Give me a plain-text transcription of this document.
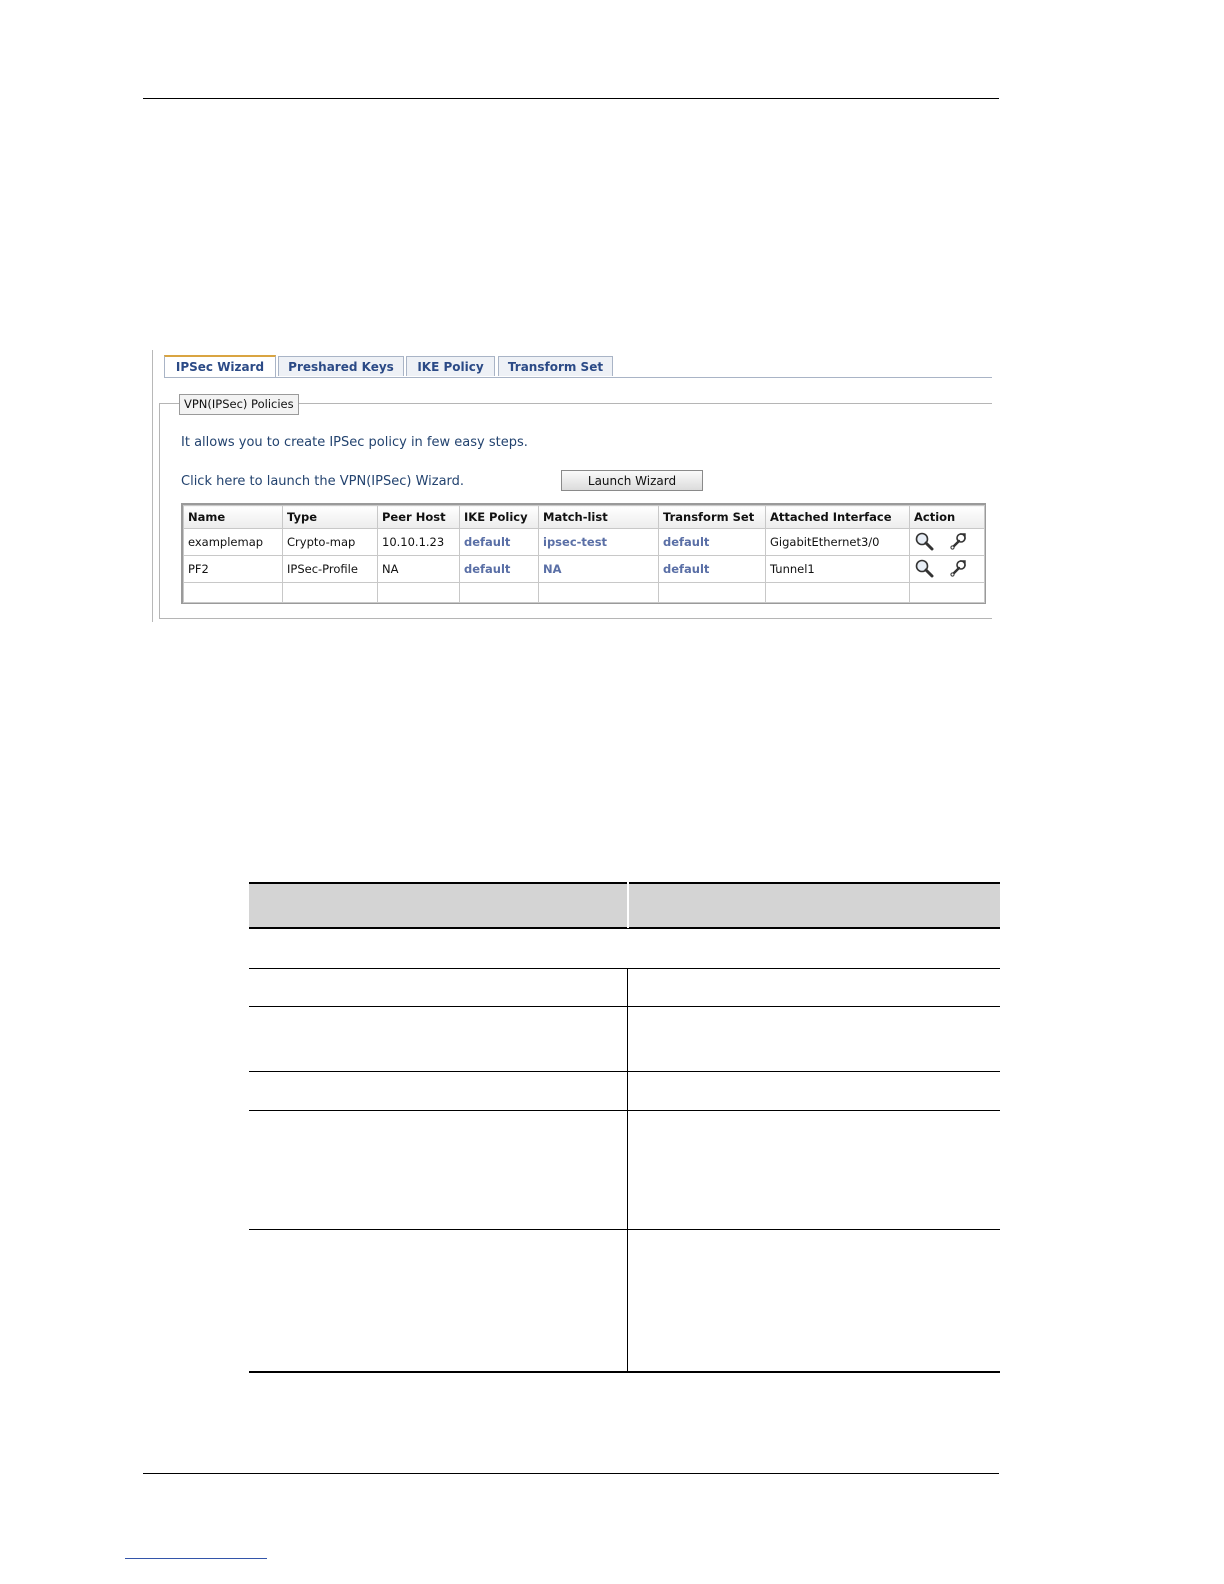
IPSec Wizard	Preshared Keys	IKE Policy	Transform Set
VPN(IPSec) Policies
It allows you to create IPSec policy in few easy steps.
Click here to launch the VPN(IPSec) Wizard.	Launch Wizard
Name	Type	Peer Host	IKE Policy	Match-list	Transform Set	Attached Interface	Action
examplemap	Crypto-map	10.10.1.23	default	ipsec-test	default	GigabitEthernet3/0	
PF2	IPSec-Profile	NA	default	NA	default	Tunnel1	
